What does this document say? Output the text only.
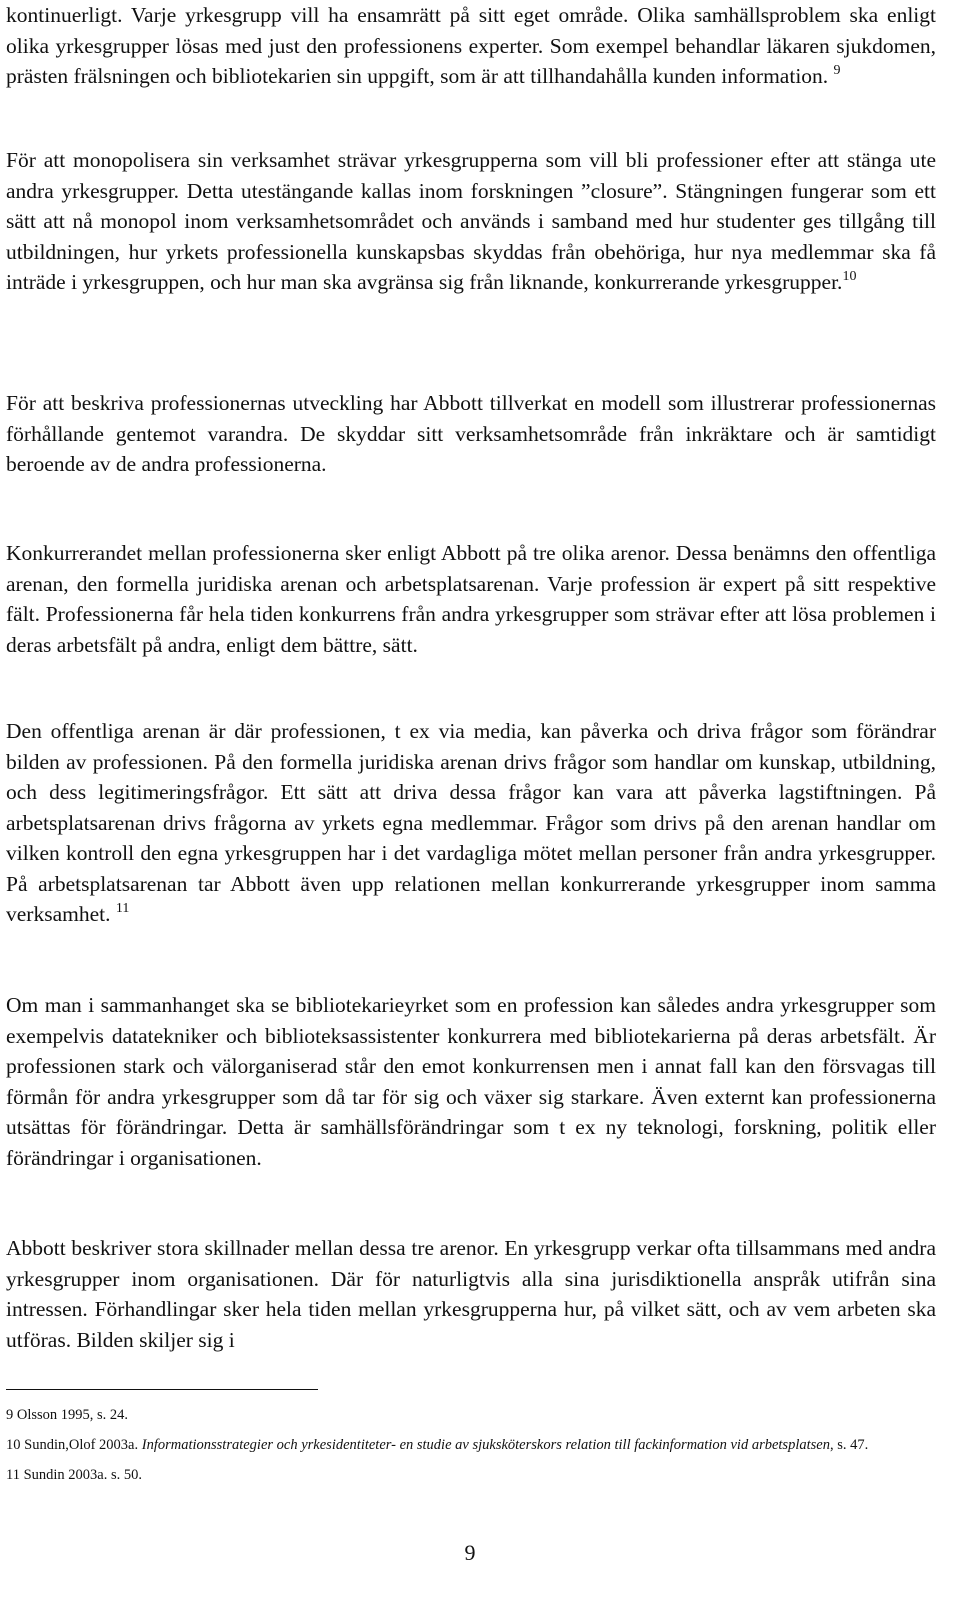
kontinuerligt. Varje yrkesgrupp vill ha ensamrätt på sitt eget område. Olika samhällsproblem ska enligt olika yrkesgrupper lösas med just den professionens experter. Som exempel behandlar läkaren sjukdomen, prästen frälsningen och bibliotekarien sin uppgift, som är att tillhandahålla kunden information. $^9$

För att monopolisera sin verksamhet strävar yrkesgrupperna som vill bli professioner efter att stänga ute andra yrkesgrupper. Detta utestängande kallas inom forskningen ”closure”. Stängningen fungerar som ett sätt att nå monopol inom verksamhetsområdet och används i samband med hur studenter ges tillgång till utbildningen, hur yrkets professionella kunskapsbas skyddas från obehöriga, hur nya medlemmar ska få inträde i yrkesgruppen, och hur man ska avgränsa sig från liknande, konkurrerande yrkesgrupper.$^{10}$

För att beskriva professionernas utveckling har Abbott tillverkat en modell som illustrerar professionernas förhållande gentemot varandra. De skyddar sitt verksamhetsområde från inkräktare och är samtidigt beroende av de andra professionerna.

Konkurrerandet mellan professionerna sker enligt Abbott på tre olika arenor. Dessa benämns den offentliga arenan, den formella juridiska arenan och arbetsplatsarenan. Varje profession är expert på sitt respektive fält. Professionerna får hela tiden konkurrens från andra yrkesgrupper som strävar efter att lösa problemen i deras arbetsfält på andra, enligt dem bättre, sätt.

Den offentliga arenan är där professionen, t ex via media, kan påverka och driva frågor som förändrar bilden av professionen. På den formella juridiska arenan drivs frågor som handlar om kunskap, utbildning, och dess legitimeringsfrågor. Ett sätt att driva dessa frågor kan vara att påverka lagstiftningen. På arbetsplatsarenan drivs frågorna av yrkets egna medlemmar. Frågor som drivs på den arenan handlar om vilken kontroll den egna yrkesgruppen har i det vardagliga mötet mellan personer från andra yrkesgrupper. På arbetsplatsarenan tar Abbott även upp relationen mellan konkurrerande yrkesgrupper inom samma verksamhet. $^{11}$

Om man i sammanhanget ska se bibliotekarieyrket som en profession kan således andra yrkesgrupper som exempelvis datatekniker och biblioteksassistenter konkurrera med bibliotekarierna på deras arbetsfält. Är professionen stark och välorganiserad står den emot konkurrensen men i annat fall kan den försvagas till förmån för andra yrkesgrupper som då tar för sig och växer sig starkare. Även externt kan professionerna utsättas för förändringar. Detta är samhällsförändringar som t ex ny teknologi, forskning, politik eller förändringar i organisationen.

Abbott beskriver stora skillnader mellan dessa tre arenor. En yrkesgrupp verkar ofta tillsammans med andra yrkesgrupper inom organisationen. Där för naturligtvis alla sina jurisdiktionella anspråk utifrån sina intressen. Förhandlingar sker hela tiden mellan yrkesgrupperna hur, på vilket sätt, och av vem arbeten ska utföras. Bilden skiljer sig i

9 Olsson 1995, s. 24.

10 Sundin,Olof 2003a. Informationsstrategier och yrkesidentiteter- en studie av sjuksköterskors relation till fackinformation vid arbetsplatsen, s. 47.

11 Sundin 2003a. s. 50.

9
